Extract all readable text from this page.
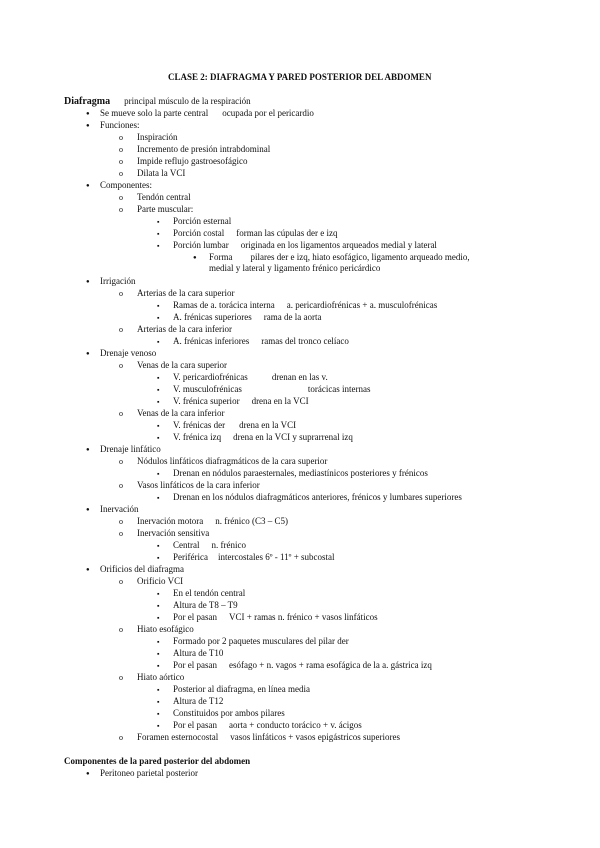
CLASE 2: DIAFRAGMA Y PARED POSTERIOR DEL ABDOMEN
Diafragma principal músculo de la respiración
●
Se mueve solo la parte central ocupada por el pericardio
●
Funciones:
o
Inspiración
o
Incremento de presión intrabdominal
o
Impide reflujo gastroesofágico
o
Dilata la VCI
●
Componentes:
o
Tendón central
o
Parte muscular:
▪
Porción esternal
▪
Porción costal forman las cúpulas der e izq
▪
Porción lumbar originada en los ligamentos arqueados medial y lateral
●
Forma pilares der e izq, hiato esofágico, ligamento arqueado medio,
medial y lateral y ligamento frénico pericárdico
●
Irrigación
o
Arterias de la cara superior
▪
Ramas de a. torácica interna a. pericardiofrénicas + a. musculofrénicas
▪
A. frénicas superiores rama de la aorta
o
Arterias de la cara inferior
▪
A. frénicas inferiores ramas del tronco celíaco
●
Drenaje venoso
o
Venas de la cara superior
▪
V. pericardiofrénicas	drenan en las v.
▪
V. musculofrénicas	torácicas internas
▪
V. frénica superior drena en la VCI
o
Venas de la cara inferior
▪
V. frénicas der drena en la VCI
▪
V. frénica izq drena en la VCI y suprarrenal izq
●
Drenaje linfático
o
Nódulos linfáticos diafragmáticos de la cara superior
▪
Drenan en nódulos paraesternales, mediastínicos posteriores y frénicos
o
Vasos linfáticos de la cara inferior
▪
Drenan en los nódulos diafragmáticos anteriores, frénicos y lumbares superiores
●
Inervación
o
Inervación motora n. frénico (C3 – C5)
o
Inervación sensitiva
▪
Central n. frénico
▪
Periférica intercostales 6º - 11º + subcostal
●
Orificios del diafragma
o
Orificio VCI
▪
En el tendón central
▪
Altura de T8 – T9
▪
Por el pasan VCI + ramas n. frénico + vasos linfáticos
o
Hiato esofágico
▪
Formado por 2 paquetes musculares del pilar der
▪
Altura de T10
▪
Por el pasan esófago + n. vagos + rama esofágica de la a. gástrica izq
o
Hiato aórtico
▪
Posterior al diafragma, en línea media
▪
Altura de T12
▪
Constituidos por ambos pilares
▪
Por el pasan aorta + conducto torácico + v. ácigos
o
Foramen esternocostal vasos linfáticos + vasos epigástricos superiores
Componentes de la pared posterior del abdomen
●
Peritoneo parietal posterior
